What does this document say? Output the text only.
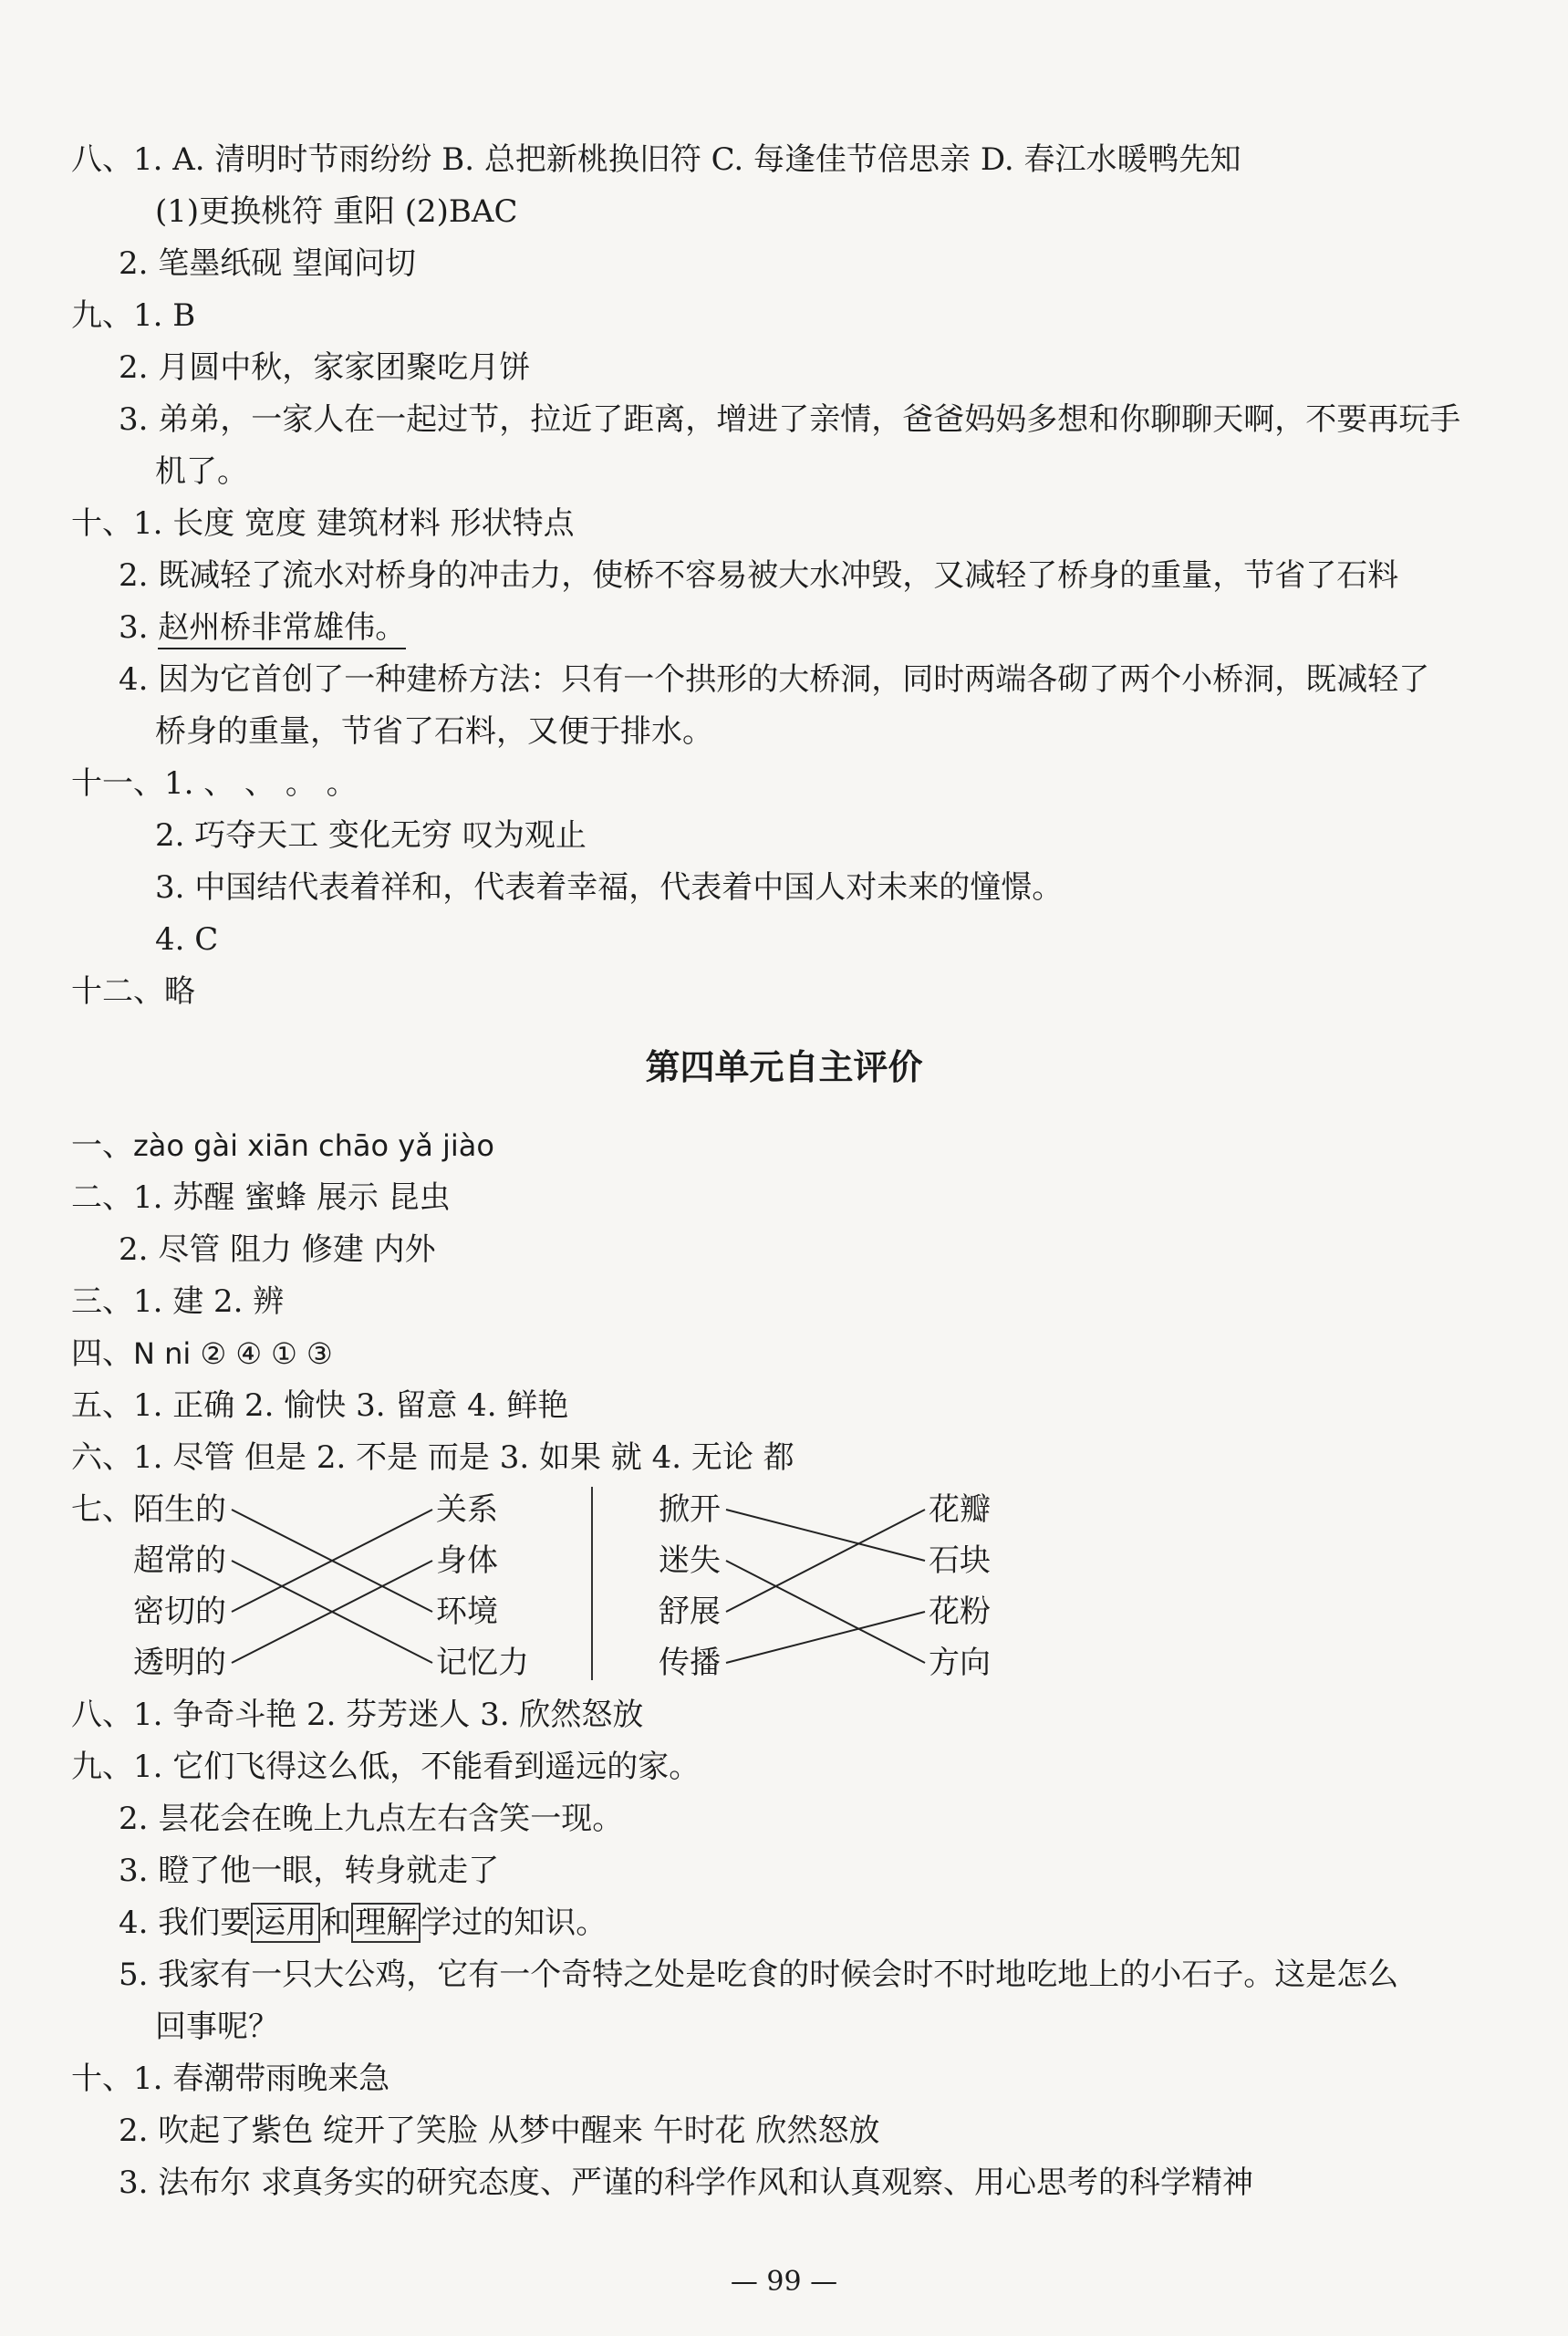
八、1. A. 清明时节雨纷纷 B. 总把新桃换旧符 C. 每逢佳节倍思亲 D. 春江水暖鸭先知
(1)更换桃符 重阳 (2)BAC
2. 笔墨纸砚 望闻问切
九、1. B
2. 月圆中秋，家家团聚吃月饼
3. 弟弟，一家人在一起过节，拉近了距离，增进了亲情，爸爸妈妈多想和你聊聊天啊，不要再玩手
机了。
十、1. 长度 宽度 建筑材料 形状特点
2. 既减轻了流水对桥身的冲击力，使桥不容易被大水冲毁，又减轻了桥身的重量，节省了石料
3. 赵州桥非常雄伟。
4. 因为它首创了一种建桥方法：只有一个拱形的大桥洞，同时两端各砌了两个小桥洞，既减轻了
桥身的重量，节省了石料，又便于排水。
十一、1. 、 、 。 。
2. 巧夺天工 变化无穷 叹为观止
3. 中国结代表着祥和，代表着幸福，代表着中国人对未来的憧憬。
4. C
十二、略
第四单元自主评价
一、zào gài xiān chāo yǎ jiào
二、1. 苏醒 蜜蜂 展示 昆虫
2. 尽管 阻力 修建 内外
三、1. 建 2. 辨
四、N ni ② ④ ① ③
五、1. 正确 2. 愉快 3. 留意 4. 鲜艳
六、1. 尽管 但是 2. 不是 而是 3. 如果 就 4. 无论 都
七、 陌生的
超常的
密切的
透明的
关系
身体
环境
记忆力
掀开
迷失
舒展
传播
花瓣
石块
花粉
方向
八、1. 争奇斗艳 2. 芬芳迷人 3. 欣然怒放
九、1. 它们飞得这么低，不能看到遥远的家。
2. 昙花会在晚上九点左右含笑一现。
3. 瞪了他一眼，转身就走了
4. 我们要 运用 和 理解 学过的知识。
5. 我家有一只大公鸡，它有一个奇特之处是吃食的时候会时不时地吃地上的小石子。这是怎么
回事呢？
十、1. 春潮带雨晚来急
2. 吹起了紫色 绽开了笑脸 从梦中醒来 午时花 欣然怒放
3. 法布尔 求真务实的研究态度、严谨的科学作风和认真观察、用心思考的科学精神
— 99 —
